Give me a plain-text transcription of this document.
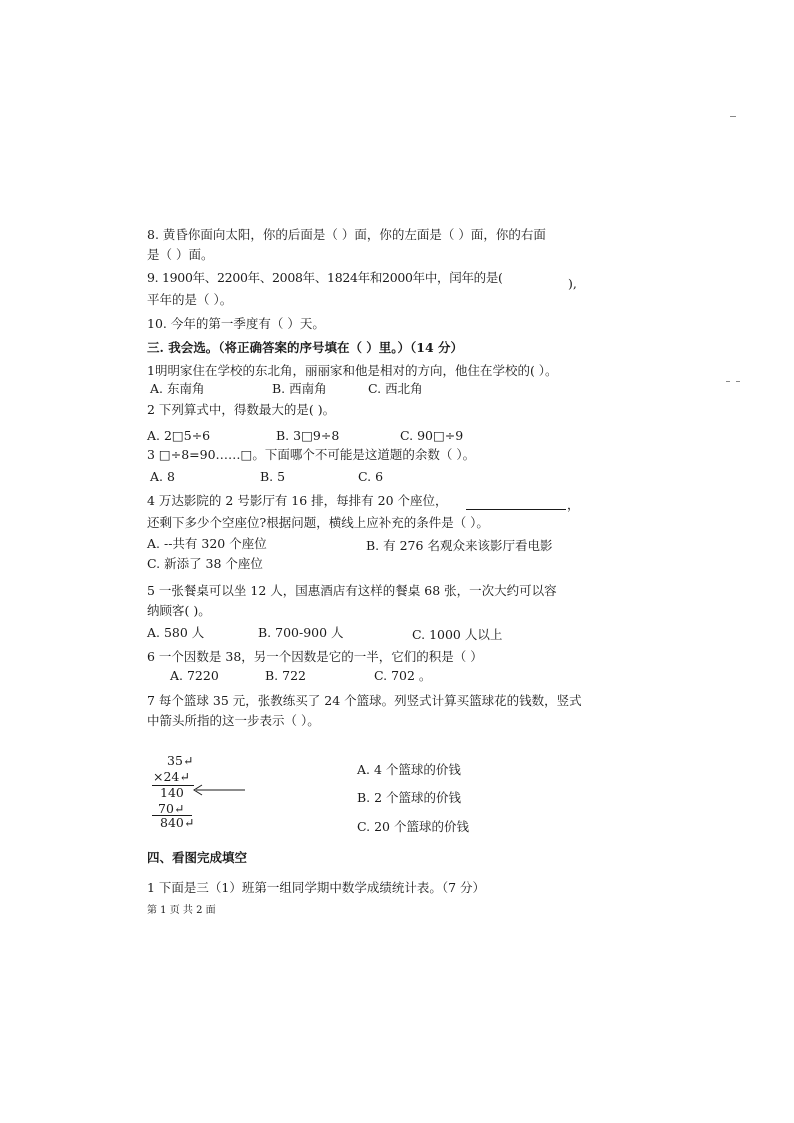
8. 黄昏你面向太阳，你的后面是（ ）面，你的左面是（ ）面，你的右面
是（ ）面。
9. 1900年、2200年、2008年、1824年和2000年中，闰年的是(	),
平年的是（ ）。
10. 今年的第一季度有（ ）天。
三. 我会选。（将正确答案的序号填在（ ）里。）（14 分）
1明明家住在学校的东北角，丽丽家和他是相对的方向，他住在学校的( ）。
A. 东南角	B. 西南角	C. 西北角
2 下列算式中，得数最大的是( )。
A. 2□5÷6	B. 3□9÷8	C. 90□÷9
3 □÷8=90……□。下面哪个不可能是这道题的余数（ ）。
A. 8	B. 5	C. 6
4 万达影院的 2 号影厅有 16 排，每排有 20 个座位，	，
还剩下多少个空座位?根据问题，横线上应补充的条件是（ ）。
A. --共有 320 个座位	B. 有 276 名观众来该影厅看电影
C. 新添了 38 个座位
5 一张餐桌可以坐 12 人，国惠酒店有这样的餐桌 68 张，一次大约可以容
纳顾客( )。
A. 580 人	B. 700-900 人	C. 1000 人以上
6 一个因数是 38，另一个因数是它的一半，它们的积是（ ）
A. 7220	B. 722	C. 702 。
7 每个篮球 35 元，张教练买了 24 个篮球。列竖式计算买篮球花的钱数，竖式
中箭头所指的这一步表示（ ）。
35↵
×24↵
140
70↵
840↵
A. 4 个篮球的价钱
B. 2 个篮球的价钱
C. 20 个篮球的价钱
四、看图完成填空
1 下面是三（1）班第一组同学期中数学成绩统计表。（7 分）
第 1 页 共 2 面
